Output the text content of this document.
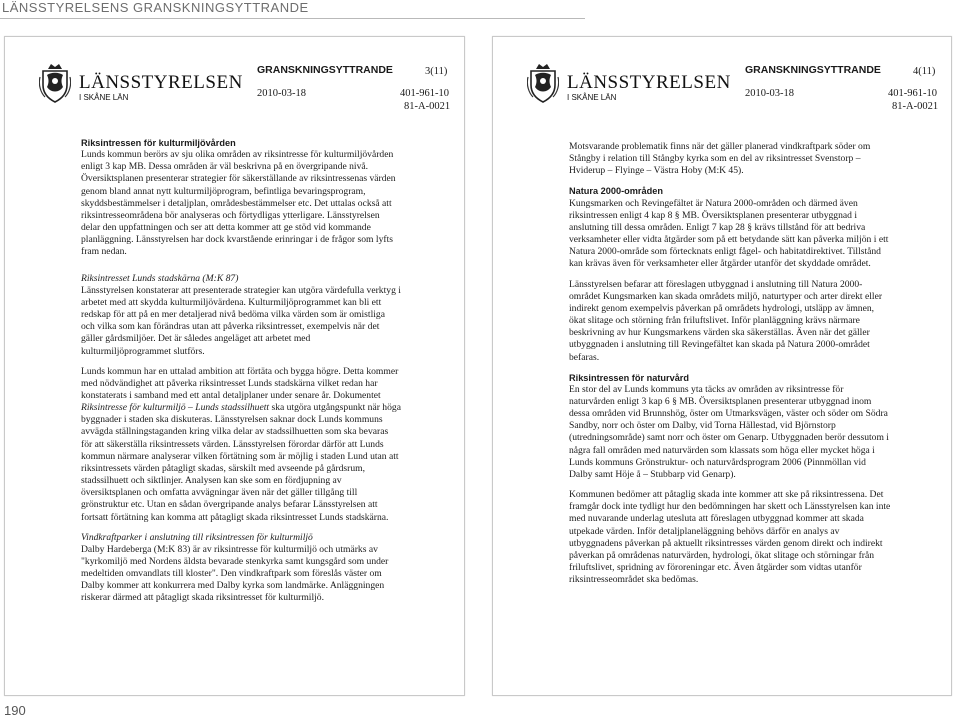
LÄNSSTYRELSENS GRANSKNINGSYTTRANDE
LÄNSSTYRELSEN
I SKÅNE LÄN
GRANSKNINGSYTTRANDE	3(11)
2010-03-18	401-961-10
81-A-0021

Riksintressen för kulturmiljövården
Lunds kommun berörs av sju olika områden av riksintresse för kulturmiljövården enligt 3 kap MB. Dessa områden är väl beskrivna på en övergripande nivå. Översiktsplanen presenterar strategier för säkerställande av riksintressenas värden genom bland annat nytt kulturmiljöprogram, befintliga bevaringsprogram, skyddsbestämmelser i detaljplan, områdesbestämmelser etc. Det uttalas också att riksintresseområdena bör analyseras och förtydligas ytterligare. Länsstyrelsen delar den uppfattningen och ser att detta kommer att ge stöd vid kommande planläggning. Länsstyrelsen har dock kvarstående erinringar i de frågor som lyfts fram nedan.

Riksintresset Lunds stadskärna (M:K 87)
Länsstyrelsen konstaterar att presenterade strategier kan utgöra värdefulla verktyg i arbetet med att skydda kulturmiljövärdena. Kulturmiljöprogrammet kan bli ett redskap för att på en mer detaljerad nivå bedöma vilka värden som är omistliga och vilka som kan förändras utan att påverka riksintresset, exempelvis när det gäller gårdsmiljöer. Det är således angeläget att arbetet med kulturmiljöprogrammet slutförs.

Lunds kommun har en uttalad ambition att förtäta och bygga högre. Detta kommer med nödvändighet att påverka riksintresset Lunds stadskärna vilket redan har konstaterats i samband med ett antal detaljplaner under senare år. Dokumentet Riksintresse för kulturmiljö – Lunds stadssilhuett ska utgöra utgångspunkt när höga byggnader i staden ska diskuteras. Länsstyrelsen saknar dock Lunds kommuns avvägda ställningstaganden kring vilka delar av stadssilhuetten som ska bevaras för att säkerställa riksintressets värden. Länsstyrelsen förordar därför att Lunds kommun närmare analyserar vilken förtätning som är möjlig i staden Lund utan att riksintressets värden påtagligt skadas, särskilt med avseende på gårdsrum, stadssilhuett och siktlinjer. Analysen kan ske som en fördjupning av översiktsplanen och omfatta avvägningar även när det gäller tillgång till grönstruktur etc. Utan en sådan övergripande analys befarar Länsstyrelsen att fortsatt förtätning kan komma att påtagligt skada riksintresset Lunds stadskärna.

Vindkraftparker i anslutning till riksintressen för kulturmiljö
Dalby Hardeberga (M:K 83) är av riksintresse för kulturmiljö och utmärks av "kyrkomiljö med Nordens äldsta bevarade stenkyrka samt kungsgård som under medeltiden omvandlats till kloster". Den vindkraftpark som föreslås väster om Dalby kommer att konkurrera med Dalby kyrka som landmärke. Anläggningen riskerar därmed att påtagligt skada riksintresset för kulturmiljö.

LÄNSSTYRELSEN
I SKÅNE LÄN
GRANSKNINGSYTTRANDE	4(11)
2010-03-18	401-961-10
81-A-0021

Motsvarande problematik finns när det gäller planerad vindkraftpark söder om Stångby i relation till Stångby kyrka som en del av riksintresset Svenstorp – Hviderup – Flyinge – Västra Hoby (M:K 45).

Natura 2000-områden
Kungsmarken och Revingefältet är Natura 2000-områden och därmed även riksintressen enligt 4 kap 8 § MB. Översiktsplanen presenterar utbyggnad i anslutning till dessa områden. Enligt 7 kap 28 § krävs tillstånd för att bedriva verksamheter eller vidta åtgärder som på ett betydande sätt kan påverka miljön i ett Natura 2000-område som förtecknats enligt fågel- och habitatdirektivet. Tillstånd kan krävas även för verksamheter eller åtgärder utanför det skyddade området.

Länsstyrelsen befarar att föreslagen utbyggnad i anslutning till Natura 2000-området Kungsmarken kan skada områdets miljö, naturtyper och arter direkt eller indirekt genom exempelvis påverkan på områdets hydrologi, utsläpp av ämnen, ökat slitage och störning från friluftslivet. Inför planläggning krävs närmare beskrivning av hur Kungsmarkens värden ska säkerställas. Även när det gäller utbyggnaden i anslutning till Revingefältet kan skada på Natura 2000-området befaras.

Riksintressen för naturvård
En stor del av Lunds kommuns yta täcks av områden av riksintresse för naturvården enligt 3 kap 6 § MB. Översiktsplanen presenterar utbyggnad inom dessa områden vid Brunnshög, öster om Utmarksvägen, väster och söder om Södra Sandby, norr och öster om Dalby, vid Torna Hällestad, vid Björnstorp (utredningsområde) samt norr och öster om Genarp. Utbyggnaden berör dessutom i några fall områden med naturvärden som klassats som höga eller mycket höga i Lunds kommuns Grönstruktur- och naturvårdsprogram 2006 (Pinnmöllan vid Dalby samt Höje å – Stubbarp vid Genarp).

Kommunen bedömer att påtaglig skada inte kommer att ske på riksintressena. Det framgår dock inte tydligt hur den bedömningen har skett och Länsstyrelsen kan inte med nuvarande underlag utesluta att föreslagen utbyggnad kommer att skada utpekade värden. Inför detaljplaneläggning behövs därför en analys av utbyggnadens påverkan på aktuellt riksintresses värden genom direkt och indirekt påverkan på områdenas naturvärden, hydrologi, ökat slitage och störningar från friluftslivet, spridning av föroreningar etc. Även åtgärder som vidtas utanför riksintresseområdet ska bedömas.

190
